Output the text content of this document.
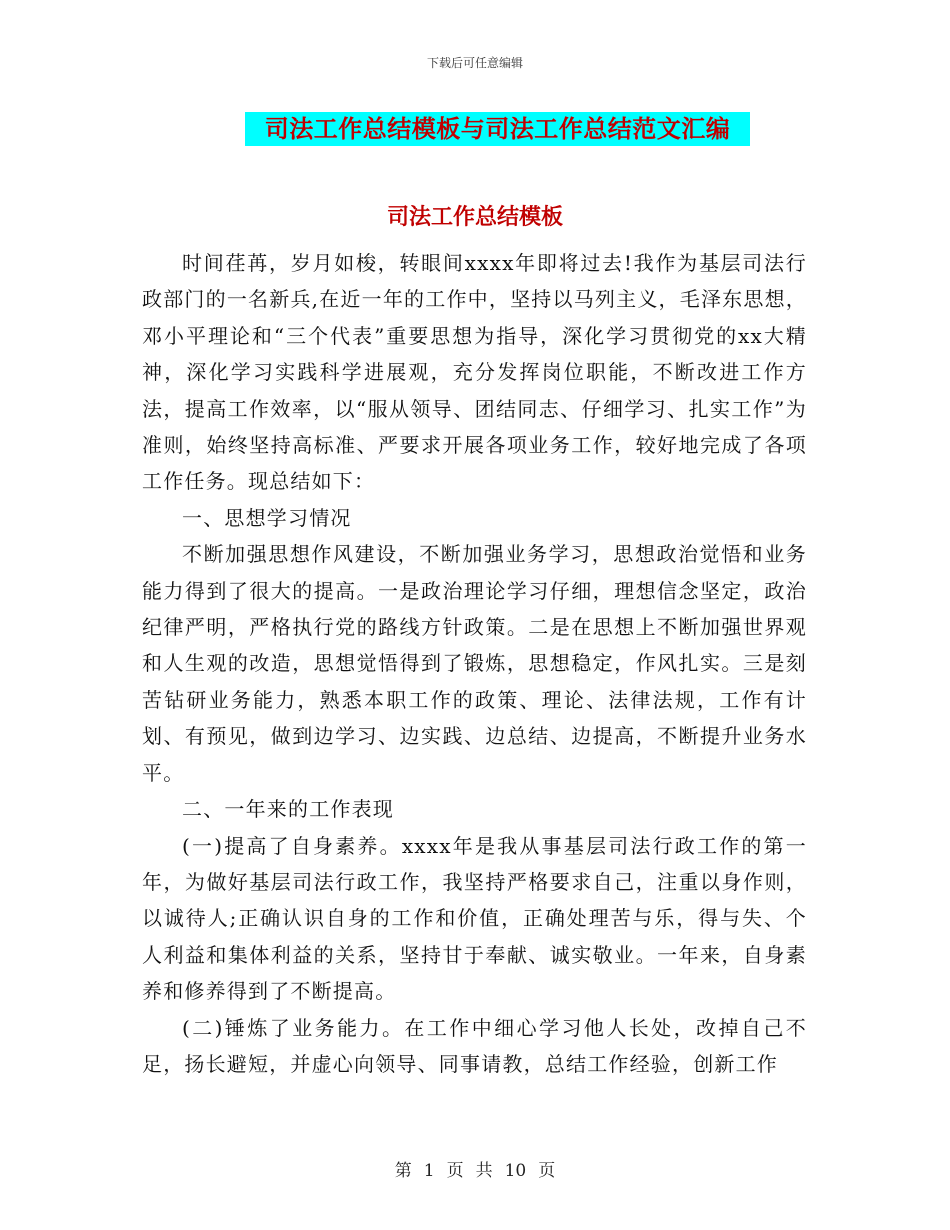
下载后可任意编辑
司法工作总结模板与司法工作总结范文汇编
司法工作总结模板

时间荏苒，岁月如梭，转眼间xxxx年即将过去!我作为基层司法行政部门的一名新兵,在近一年的工作中，坚持以马列主义，毛泽东思想，邓小平理论和“三个代表”重要思想为指导，深化学习贯彻党的xx大精神，深化学习实践科学进展观，充分发挥岗位职能，不断改进工作方法，提高工作效率，以“服从领导、团结同志、仔细学习、扎实工作”为准则，始终坚持高标准、严要求开展各项业务工作，较好地完成了各项工作任务。现总结如下：

一、思想学习情况

不断加强思想作风建设，不断加强业务学习，思想政治觉悟和业务能力得到了很大的提高。一是政治理论学习仔细，理想信念坚定，政治纪律严明，严格执行党的路线方针政策。二是在思想上不断加强世界观和人生观的改造，思想觉悟得到了锻炼，思想稳定，作风扎实。三是刻苦钻研业务能力，熟悉本职工作的政策、理论、法律法规，工作有计划、有预见，做到边学习、边实践、边总结、边提高，不断提升业务水平。

二、一年来的工作表现

(一)提高了自身素养。xxxx年是我从事基层司法行政工作的第一年，为做好基层司法行政工作，我坚持严格要求自己，注重以身作则，以诚待人;正确认识自身的工作和价值，正确处理苦与乐，得与失、个人利益和集体利益的关系，坚持甘于奉献、诚实敬业。一年来，自身素养和修养得到了不断提高。

(二)锤炼了业务能力。在工作中细心学习他人长处，改掉自己不足，扬长避短，并虚心向领导、同事请教，总结工作经验，创新工作

第 1 页 共 10 页
